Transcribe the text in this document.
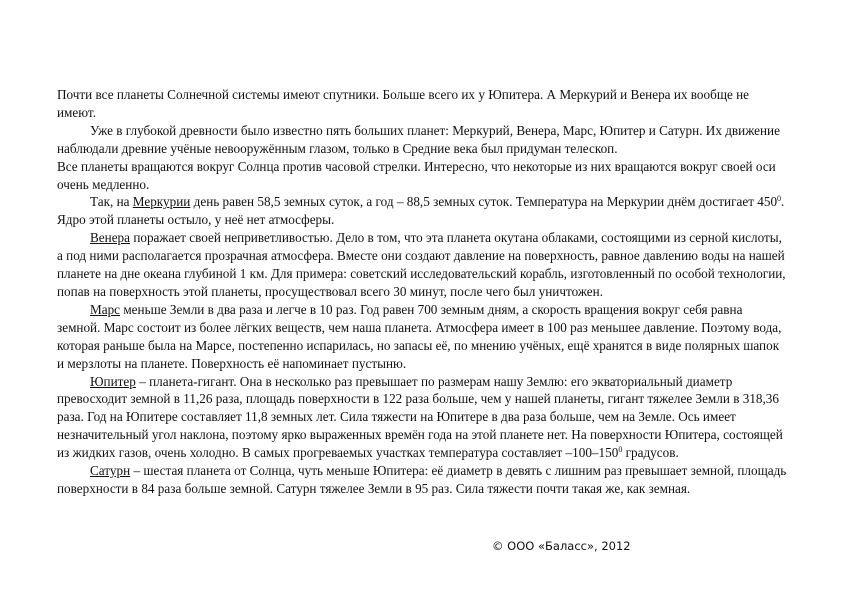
Почти все планеты Солнечной системы имеют спутники. Больше всего их у Юпитера. А Меркурий и Венера их вообще не имеют.

Уже в глубокой древности было известно пять больших планет: Меркурий, Венера, Марс, Юпитер и Сатурн. Их движение наблюдали древние учёные невооружённым глазом, только в Средние века был придуман телескоп.

Все планеты вращаются вокруг Солнца против часовой стрелки. Интересно, что некоторые из них вращаются вокруг своей оси очень медленно.

Так, на Меркурии день равен 58,5 земных суток, а год – 88,5 земных суток. Температура на Меркурии днём достигает $450^0$. Ядро этой планеты остыло, у неё нет атмосферы.

Венера поражает своей неприветливостью. Дело в том, что эта планета окутана облаками, состоящими из серной кислоты, а под ними располагается прозрачная атмосфера. Вместе они создают давление на поверхность, равное давлению воды на нашей планете на дне океана глубиной 1 км. Для примера: советский исследовательский корабль, изготовленный по особой технологии, попав на поверхность этой планеты, просуществовал всего 30 минут, после чего был уничтожен.

Марс меньше Земли в два раза и легче в 10 раз. Год равен 700 земным дням, а скорость вращения вокруг себя равна земной. Марс состоит из более лёгких веществ, чем наша планета. Атмосфера имеет в 100 раз меньшее давление. Поэтому вода, которая раньше была на Марсе, постепенно испарилась, но запасы её, по мнению учёных, ещё хранятся в виде полярных шапок и мерзлоты на планете. Поверхность её напоминает пустыню.

Юпитер – планета-гигант. Она в несколько раз превышает по размерам нашу Землю: его экваториальный диаметр превосходит земной в 11,26 раза, площадь поверхности в 122 раза больше, чем у нашей планеты, гигант тяжелее Земли в 318,36 раза. Год на Юпитере составляет 11,8 земных лет. Сила тяжести на Юпитере в два раза больше, чем на Земле. Ось имеет незначительный угол наклона, поэтому ярко выраженных времён года на этой планете нет. На поверхности Юпитера, состоящей из жидких газов, очень холодно. В самых прогреваемых участках температура составляет $-100-150^0$ градусов.

Сатурн – шестая планета от Солнца, чуть меньше Юпитера: её диаметр в девять с лишним раз превышает земной, площадь поверхности в 84 раза больше земной. Сатурн тяжелее Земли в 95 раз. Сила тяжести почти такая же, как земная.

© ООО «Баласс», 2012
